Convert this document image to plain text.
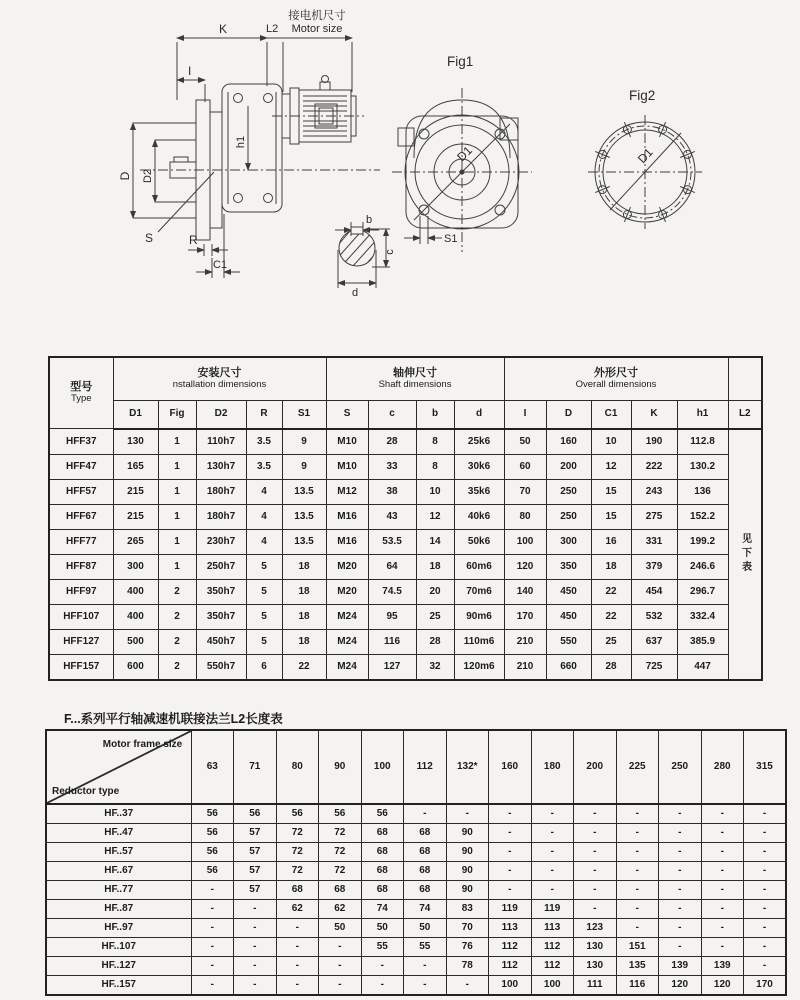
K	L2
接电机尺寸
Motor size
I
D D2
h1
S	R
C1
b
c
d
Fig1
Fig2
D1	D1
S1
型号
Type	安装尺寸
nstallation dimensions					轴伸尺寸
Shaft dimensions				外形尺寸
Overall dimensions					

	D1	Fig	D2	R	S1	S	c	b	d	I	D	C1	K	h1	L2
HFF37	130	1	110h7	3.5	9	M10	28	8	25k6	50	160	10	190	112.8	见下表
HFF47	165	1	130h7	3.5	9	M10	33	8	30k6	60	200	12	222	130.2	
HFF57	215	1	180h7	4	13.5	M12	38	10	35k6	70	250	15	243	136	
HFF67	215	1	180h7	4	13.5	M16	43	12	40k6	80	250	15	275	152.2	
HFF77	265	1	230h7	4	13.5	M16	53.5	14	50k6	100	300	16	331	199.2	
HFF87	300	1	250h7	5	18	M20	64	18	60m6	120	350	18	379	246.6	
HFF97	400	2	350h7	5	18	M20	74.5	20	70m6	140	450	22	454	296.7	
HFF107	400	2	350h7	5	18	M24	95	25	90m6	170	450	22	532	332.4	
HFF127	500	2	450h7	5	18	M24	116	28	110m6	210	550	25	637	385.9	
HFF157	600	2	550h7	6	22	M24	127	32	120m6	210	660	28	725	447	
F...系列平行轴减速机联接法兰L2长度表
Motor frame size
Reductor type	63	71	80	90	100	112	132*	160	180	200	225	250	280	315
HF..37	56	56	56	56	56	-	-	-	-	-	-	-	-	-
HF..47	56	57	72	72	68	68	90	-	-	-	-	-	-	-
HF..57	56	57	72	72	68	68	90	-	-	-	-	-	-	-
HF..67	56	57	72	72	68	68	90	-	-	-	-	-	-	-
HF..77	-	57	68	68	68	68	90	-	-	-	-	-	-	-
HF..87	-	-	62	62	74	74	83	119	119	-	-	-	-	-
HF..97	-	-	-	50	50	50	70	113	113	123	-	-	-	-
HF..107	-	-	-	-	55	55	76	112	112	130	151	-	-	-
HF..127	-	-	-	-	-	-	78	112	112	130	135	139	139	-
HF..157	-	-	-	-	-	-	-	100	100	111	116	120	120	170
